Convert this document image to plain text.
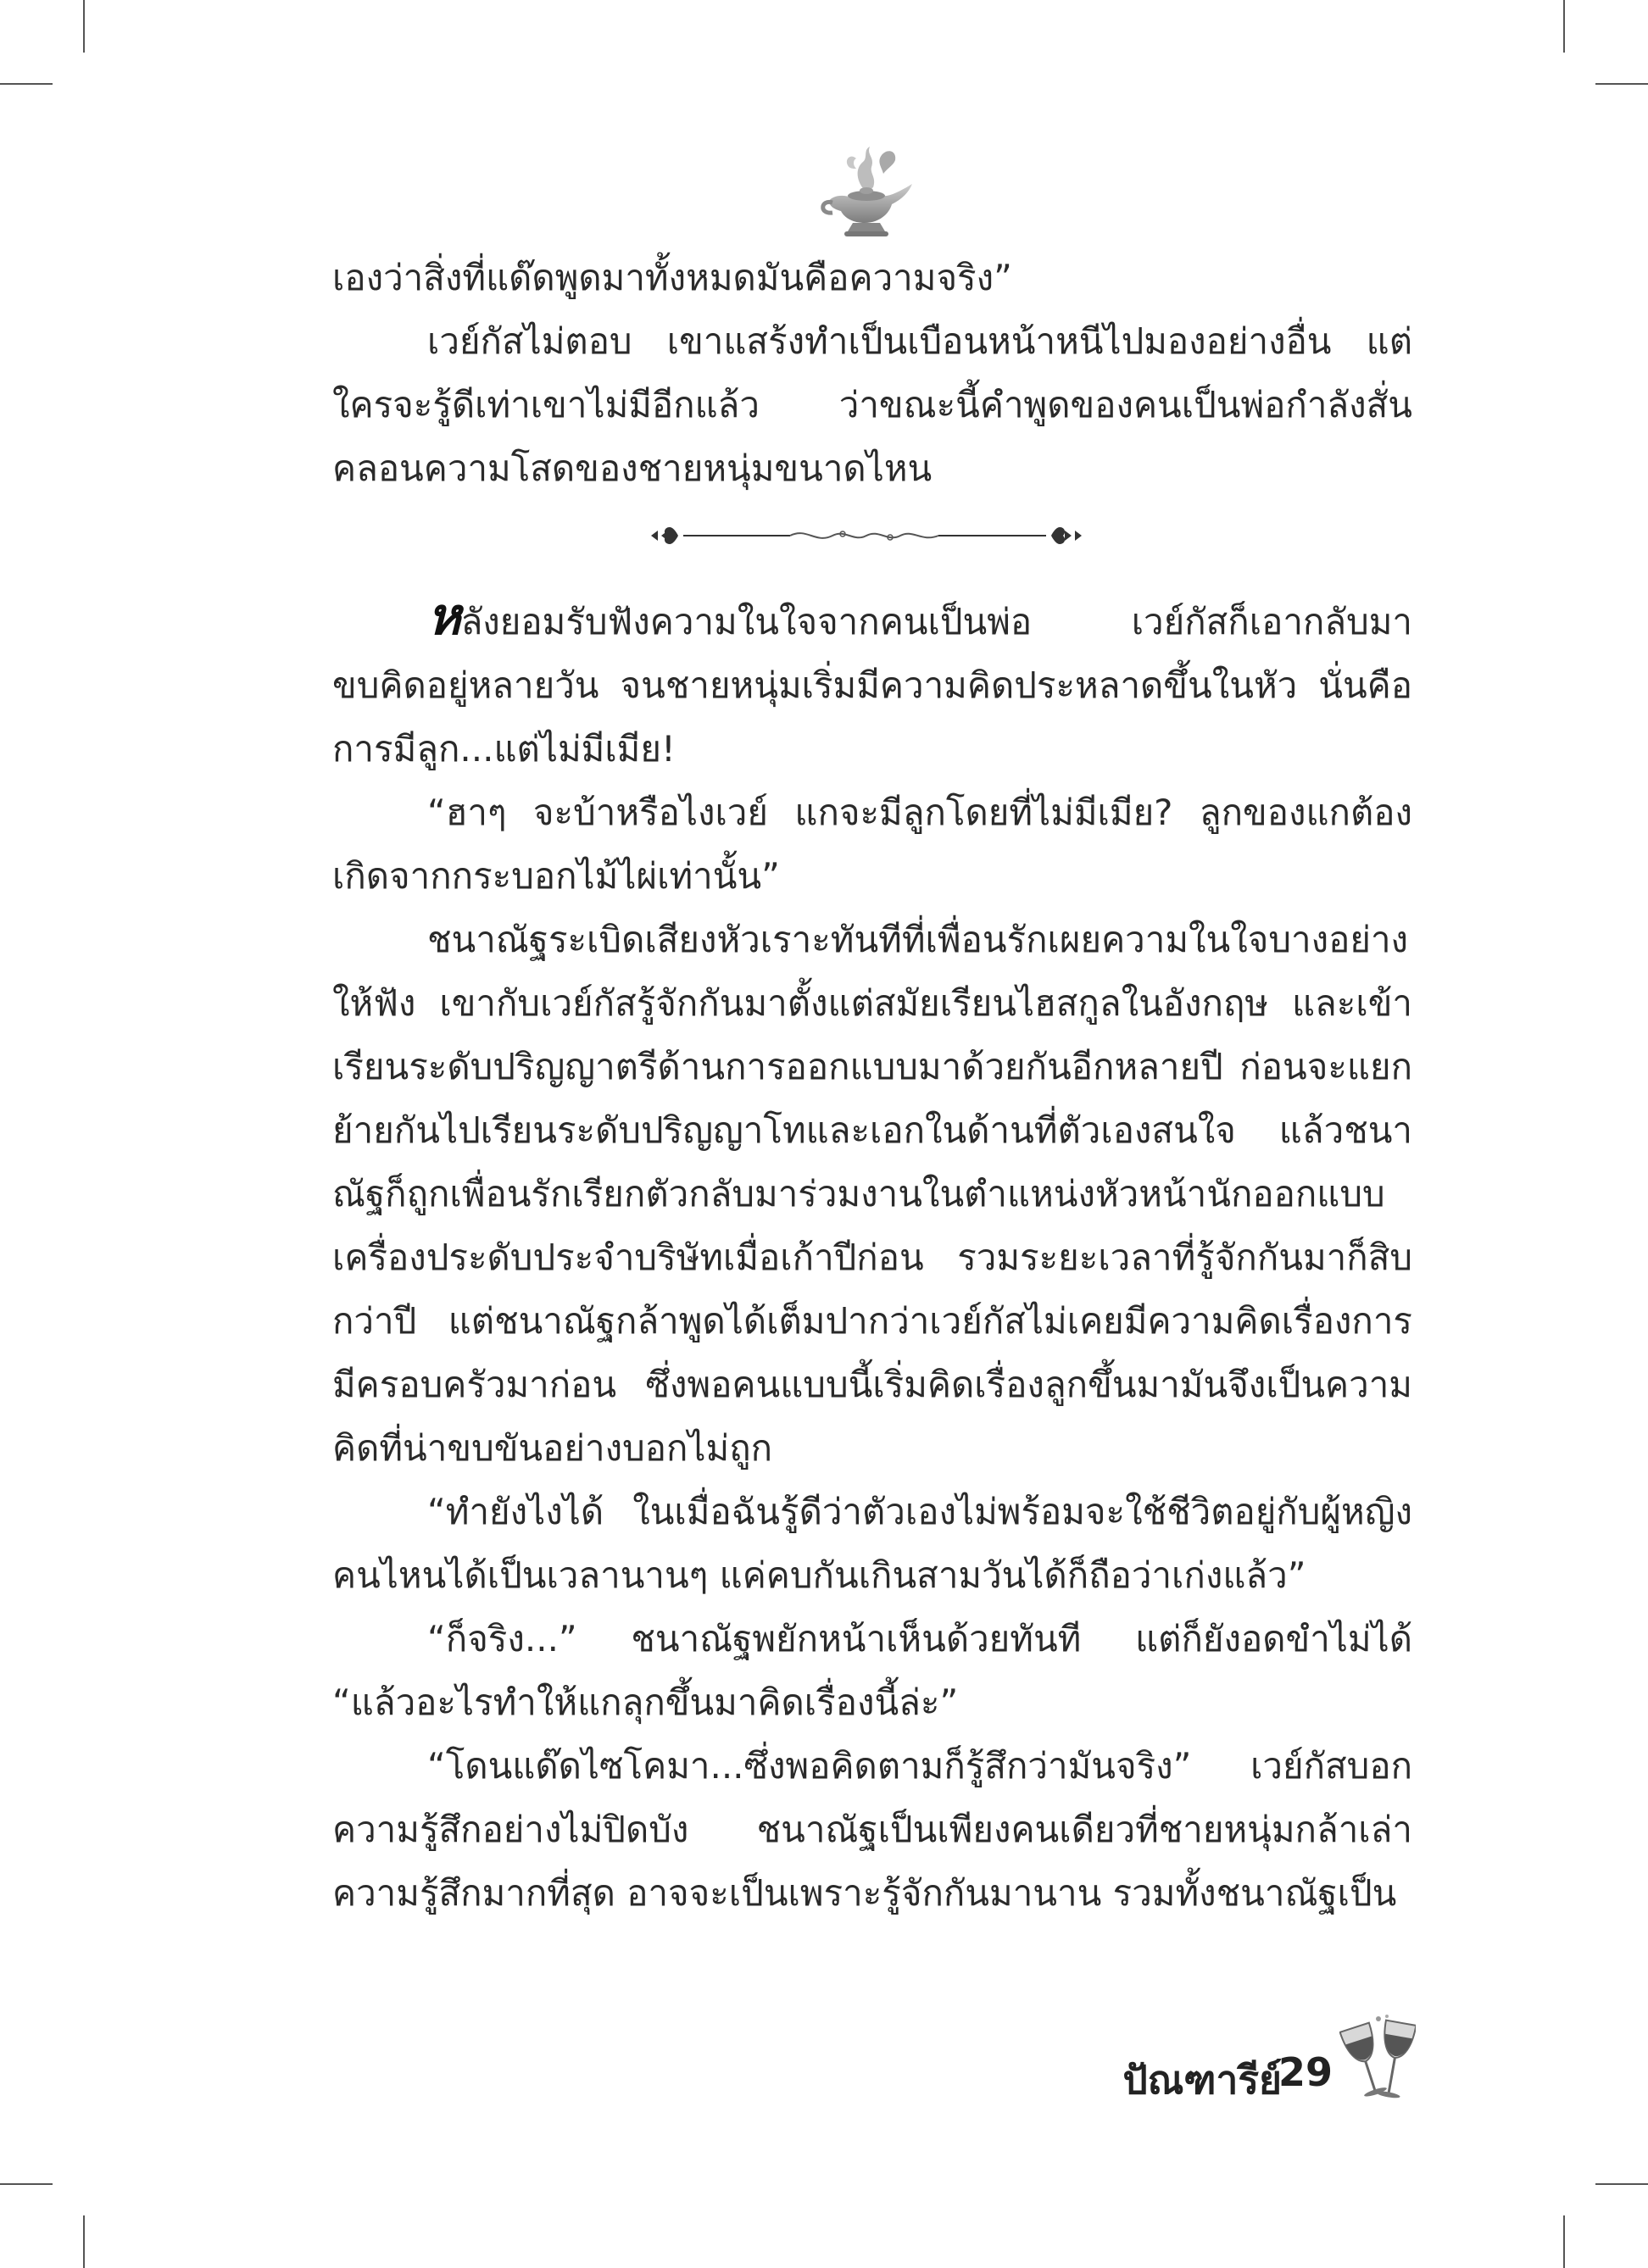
เองว่าสิ่งที่แด๊ดพูดมาทั้งหมดมันคือความจริง”

เวย์กัสไม่ตอบ เขาแสร้งทำเป็นเบือนหน้าหนีไปมองอย่างอื่น แต่ใครจะรู้ดีเท่าเขาไม่มีอีกแล้ว ว่าขณะนี้คำพูดของคนเป็นพ่อกำลังสั่นคลอนความโสดของชายหนุ่มขนาดไหน

หลังยอมรับฟังความในใจจากคนเป็นพ่อ เวย์กัสก็เอากลับมาขบคิดอยู่หลายวัน จนชายหนุ่มเริ่มมีความคิดประหลาดขึ้นในหัว นั่นคือการมีลูก...แต่ไม่มีเมีย!

“ฮาๆ จะบ้าหรือไงเวย์ แกจะมีลูกโดยที่ไม่มีเมีย? ลูกของแกต้องเกิดจากกระบอกไม้ไผ่เท่านั้น”

ชนาณัฐระเบิดเสียงหัวเราะทันทีที่เพื่อนรักเผยความในใจบางอย่างให้ฟัง เขากับเวย์กัสรู้จักกันมาตั้งแต่สมัยเรียนไฮสกูลในอังกฤษ และเข้าเรียนระดับปริญญาตรีด้านการออกแบบมาด้วยกันอีกหลายปี ก่อนจะแยกย้ายกันไปเรียนระดับปริญญาโทและเอกในด้านที่ตัวเองสนใจ แล้วชนาณัฐก็ถูกเพื่อนรักเรียกตัวกลับมาร่วมงานในตำแหน่งหัวหน้านักออกแบบเครื่องประดับประจำบริษัทเมื่อเก้าปีก่อน รวมระยะเวลาที่รู้จักกันมาก็สิบกว่าปี แต่ชนาณัฐกล้าพูดได้เต็มปากว่าเวย์กัสไม่เคยมีความคิดเรื่องการมีครอบครัวมาก่อน ซึ่งพอคนแบบนี้เริ่มคิดเรื่องลูกขึ้นมามันจึงเป็นความคิดที่น่าขบขันอย่างบอกไม่ถูก

“ทำยังไงได้ ในเมื่อฉันรู้ดีว่าตัวเองไม่พร้อมจะใช้ชีวิตอยู่กับผู้หญิงคนไหนได้เป็นเวลานานๆ แค่คบกันเกินสามวันได้ก็ถือว่าเก่งแล้ว”

“ก็จริง...” ชนาณัฐพยักหน้าเห็นด้วยทันที แต่ก็ยังอดขำไม่ได้ “แล้วอะไรทำให้แกลุกขึ้นมาคิดเรื่องนี้ล่ะ”

“โดนแด๊ดไซโคมา...ซึ่งพอคิดตามก็รู้สึกว่ามันจริง” เวย์กัสบอกความรู้สึกอย่างไม่ปิดบัง ชนาณัฐเป็นเพียงคนเดียวที่ชายหนุ่มกล้าเล่าความรู้สึกมากที่สุด อาจจะเป็นเพราะรู้จักกันมานาน รวมทั้งชนาณัฐเป็น

ปัณฑารีย์
29
